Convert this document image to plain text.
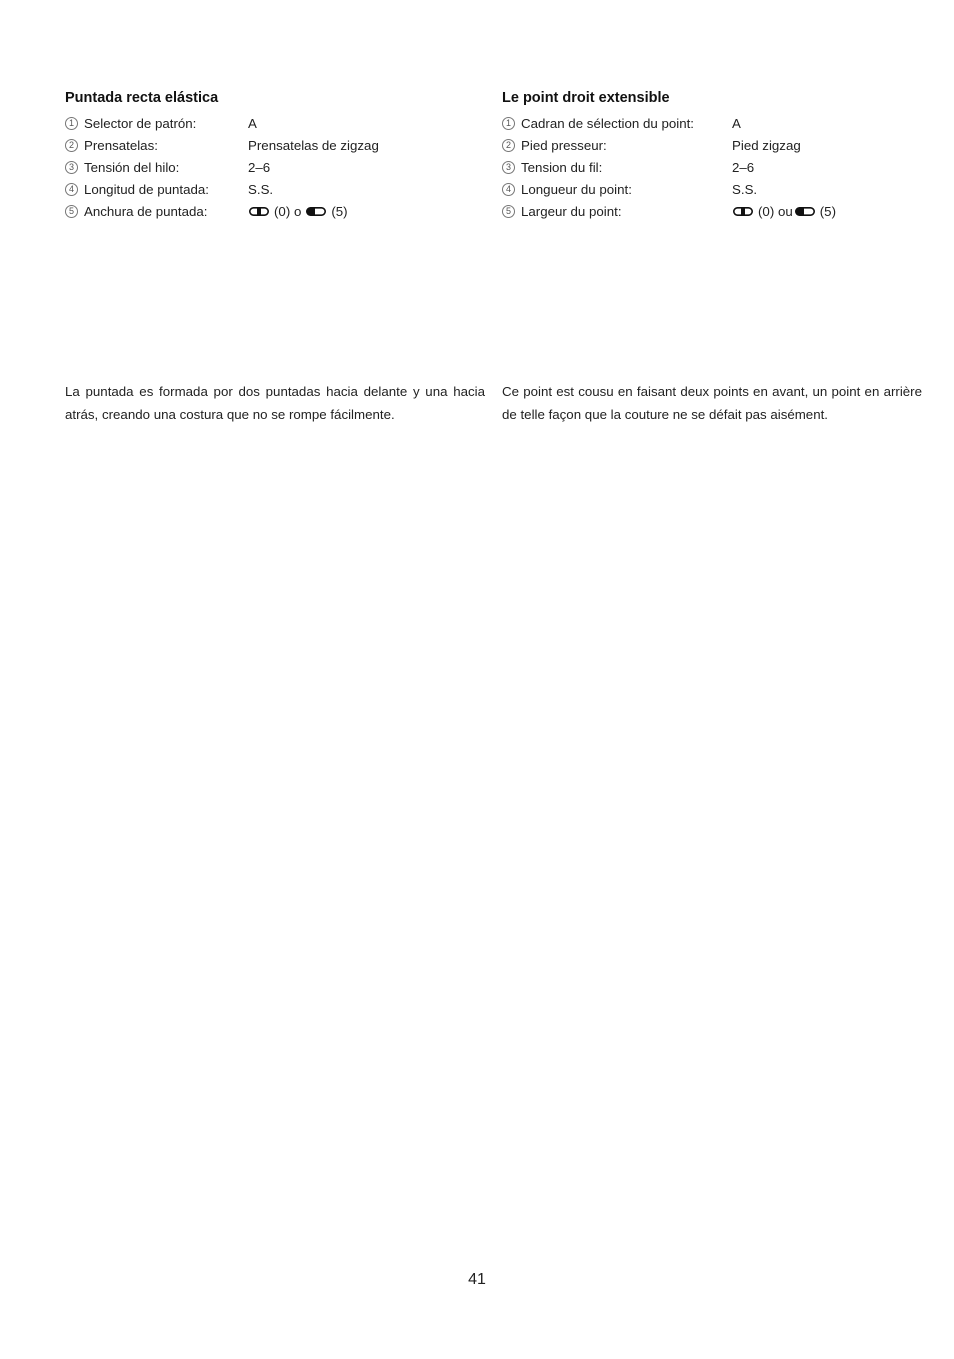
Puntada recta elástica
1 Selector de patrón:	A
2 Prensatelas:	Prensatelas de zigzag
3 Tensión del hilo:	2–6
4 Longitud de puntada:	S.S.
5 Anchura de puntada:	(0) o (5)
Le point droit extensible
1 Cadran de sélection du point:	A
2 Pied presseur:	Pied zigzag
3 Tension du fil:	2–6
4 Longueur du point:	S.S.
5 Largeur du point:	(0) ou (5)
La puntada es formada por dos puntadas hacia delante y una hacia atrás, creando una costura que no se rompe fácilmente.
Ce point est cousu en faisant deux points en avant, un point en arrière de telle façon que la couture ne se défait pas aisément.
41
